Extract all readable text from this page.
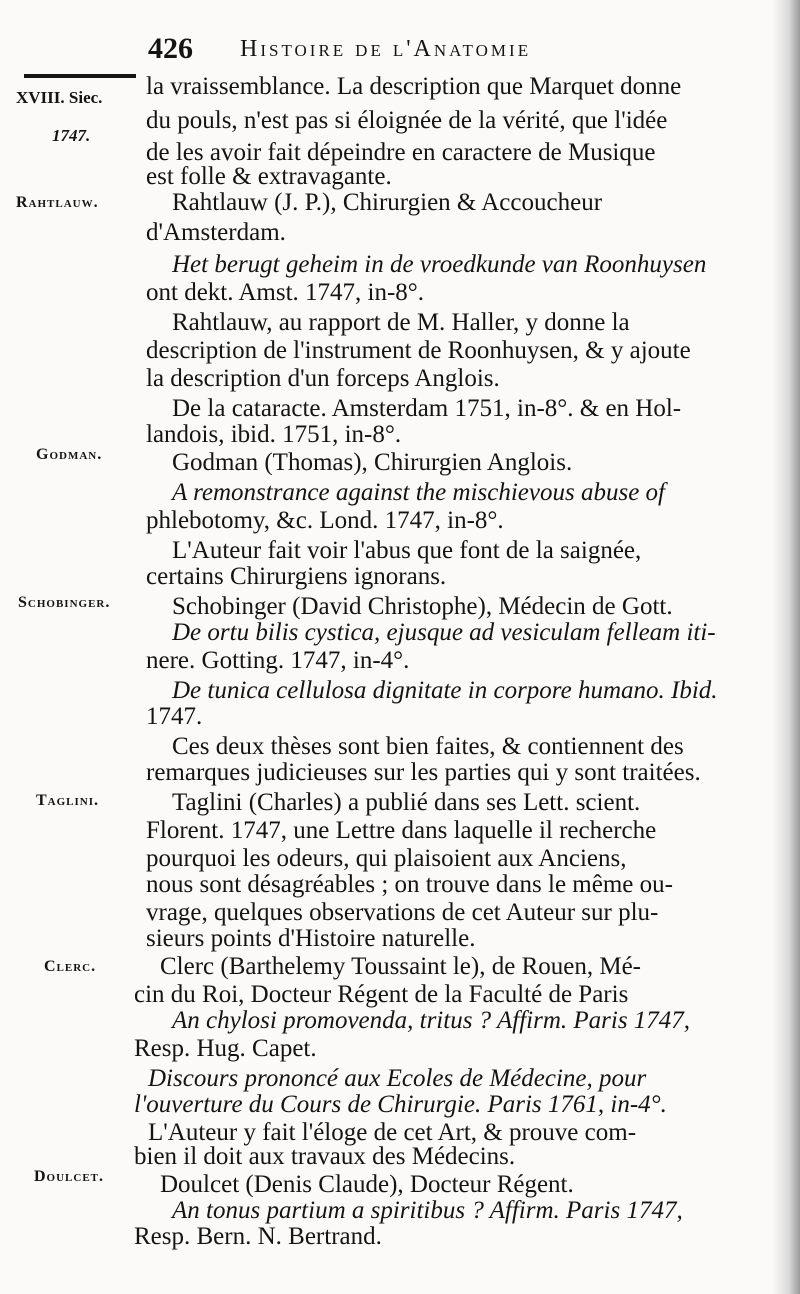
426 Histoire de l'Anatomie
XVIII. Siec.
1747.
Rahtlauw.
Godman.
Schobinger.
Taglini.
Clerc.
Doulcet.
la vraissemblance. La description que Marquet donne
du pouls, n'est pas si éloignée de la vérité, que l'idée
de les avoir fait dépeindre en caractere de Musique
est folle & extravagante.
Rahtlauw (J. P.), Chirurgien & Accoucheur
d'Amsterdam.
Het berugt geheim in de vroedkunde van Roonhuysen
ont dekt. Amst. 1747, in-8°.
Rahtlauw, au rapport de M. Haller, y donne la
description de l'instrument de Roonhuysen, & y ajoute
la description d'un forceps Anglois.
De la cataracte. Amsterdam 1751, in-8°. & en Hol-
landois, ibid. 1751, in-8°.
Godman (Thomas), Chirurgien Anglois.
A remonstrance against the mischievous abuse of
phlebotomy, &c. Lond. 1747, in-8°.
L'Auteur fait voir l'abus que font de la saignée,
certains Chirurgiens ignorans.
Schobinger (David Christophe), Médecin de Gott.
De ortu bilis cystica, ejusque ad vesiculam felleam iti-
nere. Gotting. 1747, in-4°.
De tunica cellulosa dignitate in corpore humano. Ibid.
1747.
Ces deux thèses sont bien faites, & contiennent des
remarques judicieuses sur les parties qui y sont traitées.
Taglini (Charles) a publié dans ses Lett. scient.
Florent. 1747, une Lettre dans laquelle il recherche
pourquoi les odeurs, qui plaisoient aux Anciens,
nous sont désagréables ; on trouve dans le même ou-
vrage, quelques observations de cet Auteur sur plu-
sieurs points d'Histoire naturelle.
Clerc (Barthelemy Toussaint le), de Rouen, Mé-
cin du Roi, Docteur Régent de la Faculté de Paris
An chylosi promovenda, tritus ? Affirm. Paris 1747,
Resp. Hug. Capet.
Discours prononcé aux Ecoles de Médecine, pour
l'ouverture du Cours de Chirurgie. Paris 1761, in-4°.
L'Auteur y fait l'éloge de cet Art, & prouve com-
bien il doit aux travaux des Médecins.
Doulcet (Denis Claude), Docteur Régent.
An tonus partium a spiritibus ? Affirm. Paris 1747,
Resp. Bern. N. Bertrand.
